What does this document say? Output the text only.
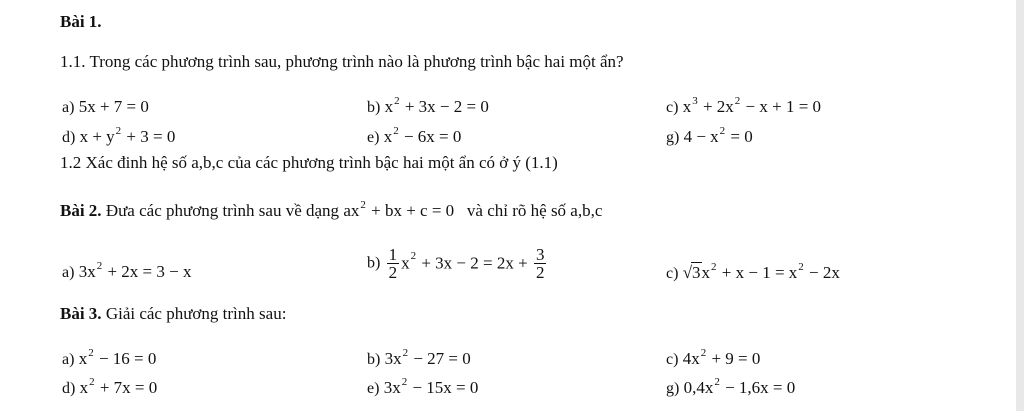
Bài 1.
1.1. Trong các phương trình sau, phương trình nào là phương trình bậc hai một ẩn?
a) 5x + 7 = 0	b) $x^2 + 3x - 2 = 0$	c) $x^3 + 2x^2 - x + 1 = 0$
d) $x + y^2 + 3 = 0$	e) $x^2 - 6x = 0$	g) $4 - x^2 = 0$
1.2 Xác đinh hệ số a,b,c của các phương trình bậc hai một ẩn có ở ý (1.1)
Bài 2. Đưa các phương trình sau về dạng $ax^2$ + bx + c = 0 và chỉ rõ hệ số a,b,c
a) $3x^2 + 2x = 3 - x$	$b) \frac{1}{2} x^2 + 3x - 2 = 2x + \frac{3}{2}$	c) $√3x^2 + x - 1 = x^2 - 2x$
Bài 3. Giải các phương trình sau:
a) $x^2 - 16 = 0$	b) $3x^2 - 27 = 0$	c) $4x^2 + 9 = 0$
d) $x^2 + 7x = 0$	e) $3x^2 - 15x = 0$	g) $0,4x^2 - 1,6x = 0$
